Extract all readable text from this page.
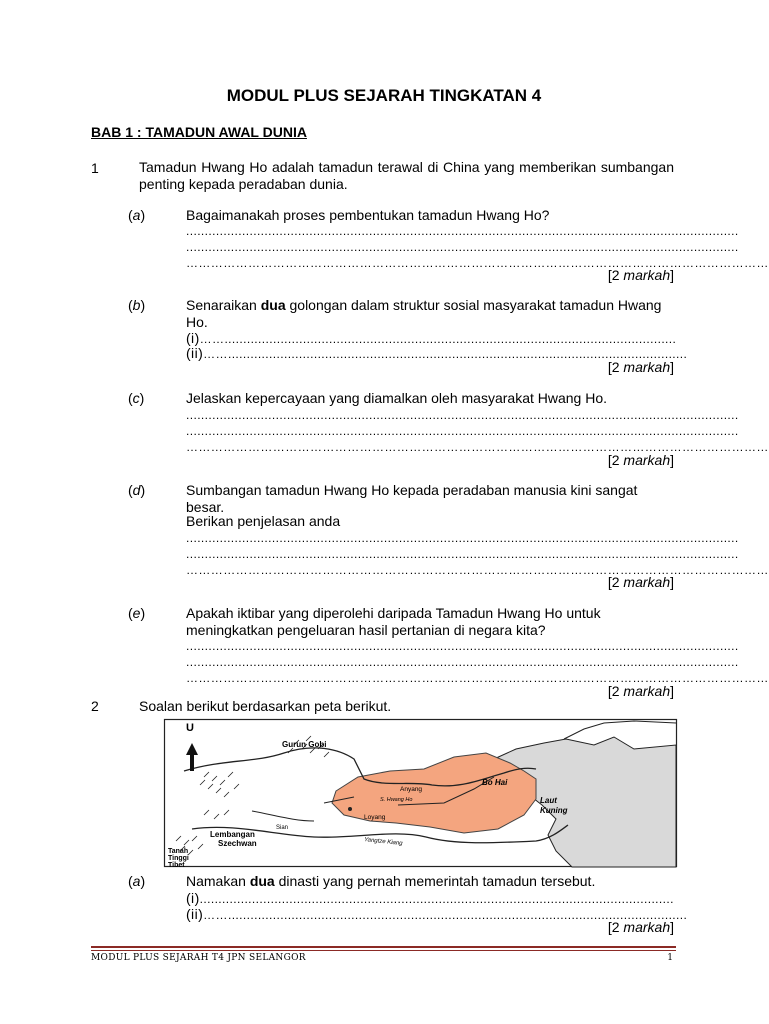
MODUL PLUS SEJARAH TINGKATAN 4
BAB 1 : TAMADUN AWAL DUNIA
1	Tamadun Hwang Ho adalah tamadun terawal di China yang memberikan sumbangan penting kepada peradaban dunia.
(a)	Bagaimanakah proses pembentukan tamadun Hwang Ho?
....................................................................................................................................................
....................................................................................................................................................
……………………………………………………………………………………………………………………………
[2 markah]
(b)	Senaraikan dua golongan dalam struktur sosial masyarakat tamadun Hwang Ho.
(i)…….........................................................................................................................
(ii)……...........................................................................................................................
[2 markah]
(c)	Jelaskan kepercayaan yang diamalkan oleh masyarakat Hwang Ho.
....................................................................................................................................................
....................................................................................................................................................
……………………………………………………………………………………………………………………………
[2 markah]
(d)	Sumbangan tamadun Hwang Ho kepada peradaban manusia kini sangat besar.
Berikan penjelasan anda
....................................................................................................................................................
....................................................................................................................................................
……………………………………………………………………………………………………………………………
[2 markah]
(e)	Apakah iktibar yang diperolehi daripada Tamadun Hwang Ho untuk meningkatkan pengeluaran hasil pertanian di negara kita?
....................................................................................................................................................
....................................................................................................................................................
……………………………………………………………………………………………………………………………
[2 markah]
2	Soalan berikut berdasarkan peta berikut.
U
Gurun Gobi
Bo Hai
Laut
Kuning
Anyang
S. Hwang Ho
Loyang
Sian
Lembangan
Szechwan
Tanah
Tinggi
Tibet
Yangtze Kiang
(a)	Namakan dua dinasti yang pernah memerintah tamadun tersebut.
(i)...............................................................................................................................
(ii)……...........................................................................................................................
[2 markah]
MODUL PLUS SEJARAH T4 JPN SELANGOR	1
